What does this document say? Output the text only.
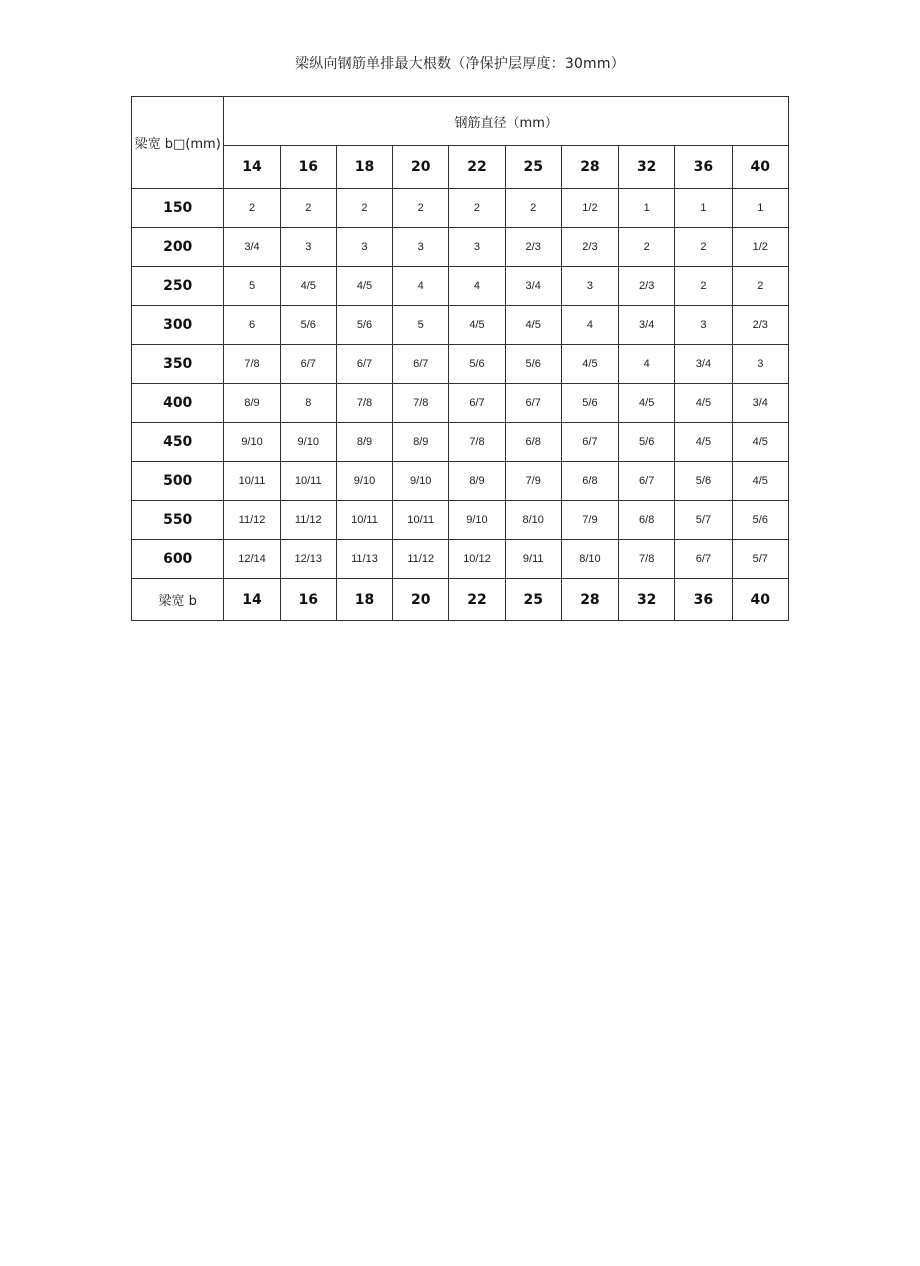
梁纵向钢筋单排最大根数（净保护层厚度：30mm）
梁宽 b□(mm)	钢筋直径（mm）									
	14	16	18	20	22	25	28	32	36	40
150	2	2	2	2	2	2	1/2	1	1	1
200	3/4	3	3	3	3	2/3	2/3	2	2	1/2
250	5	4/5	4/5	4	4	3/4	3	2/3	2	2
300	6	5/6	5/6	5	4/5	4/5	4	3/4	3	2/3
350	7/8	6/7	6/7	6/7	5/6	5/6	4/5	4	3/4	3
400	8/9	8	7/8	7/8	6/7	6/7	5/6	4/5	4/5	3/4
450	9/10	9/10	8/9	8/9	7/8	6/8	6/7	5/6	4/5	4/5
500	10/11	10/11	9/10	9/10	8/9	7/9	6/8	6/7	5/6	4/5
550	11/12	11/12	10/11	10/11	9/10	8/10	7/9	6/8	5/7	5/6
600	12/14	12/13	11/13	11/12	10/12	9/11	8/10	7/8	6/7	5/7
梁宽 b	14	16	18	20	22	25	28	32	36	40
